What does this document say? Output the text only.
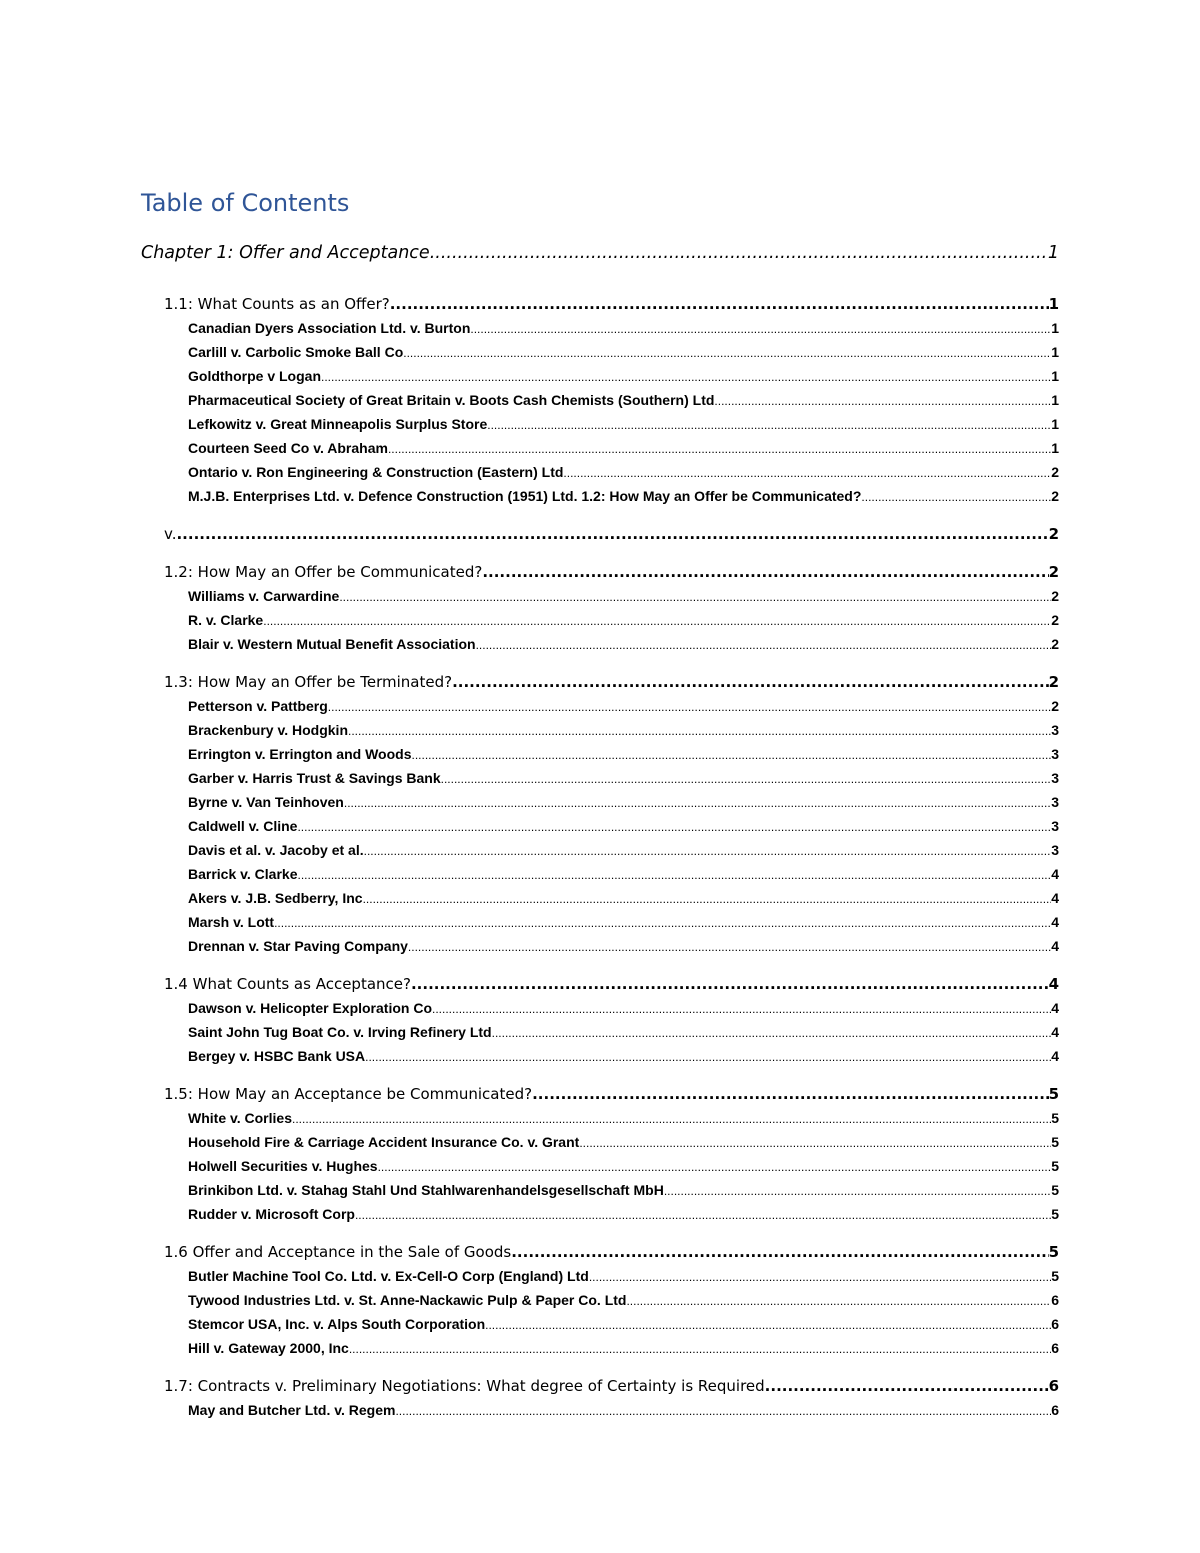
Table of Contents
Chapter 1: Offer and Acceptance .....	1
1.1: What Counts as an Offer? .....	1
Canadian Dyers Association Ltd. v. Burton .....	1
Carlill v. Carbolic Smoke Ball Co .....	1
Goldthorpe v Logan .....	1
Pharmaceutical Society of Great Britain v. Boots Cash Chemists (Southern) Ltd .....	1
Lefkowitz v. Great Minneapolis Surplus Store .....	1
Courteen Seed Co v. Abraham .....	1
Ontario v. Ron Engineering & Construction (Eastern) Ltd .....	2
M.J.B. Enterprises Ltd. v. Defence Construction (1951) Ltd. 1.2: How May an Offer be Communicated? .....	2
v. .....	2
1.2: How May an Offer be Communicated? .....	2
Williams v. Carwardine .....	2
R. v. Clarke .....	2
Blair v. Western Mutual Benefit Association .....	2
1.3: How May an Offer be Terminated? .....	2
Petterson v. Pattberg .....	2
Brackenbury v. Hodgkin .....	3
Errington v. Errington and Woods .....	3
Garber v. Harris Trust & Savings Bank .....	3
Byrne v. Van Teinhoven .....	3
Caldwell v. Cline .....	3
Davis et al. v. Jacoby et al. .....	3
Barrick v. Clarke .....	4
Akers v. J.B. Sedberry, Inc .....	4
Marsh v. Lott .....	4
Drennan v. Star Paving Company .....	4
1.4 What Counts as Acceptance? .....	4
Dawson v. Helicopter Exploration Co .....	4
Saint John Tug Boat Co. v. Irving Refinery Ltd .....	4
Bergey v. HSBC Bank USA .....	4
1.5: How May an Acceptance be Communicated? .....	5
White v. Corlies .....	5
Household Fire & Carriage Accident Insurance Co. v. Grant .....	5
Holwell Securities v. Hughes .....	5
Brinkibon Ltd. v. Stahag Stahl Und Stahlwarenhandelsgesellschaft MbH .....	5
Rudder v. Microsoft Corp .....	5
1.6 Offer and Acceptance in the Sale of Goods .....	5
Butler Machine Tool Co. Ltd. v. Ex-Cell-O Corp (England) Ltd .....	5
Tywood Industries Ltd. v. St. Anne-Nackawic Pulp & Paper Co. Ltd .....	6
Stemcor USA, Inc. v. Alps South Corporation .....	6
Hill v. Gateway 2000, Inc .....	6
1.7: Contracts v. Preliminary Negotiations: What degree of Certainty is Required .....	6
May and Butcher Ltd. v. Regem .....	6
